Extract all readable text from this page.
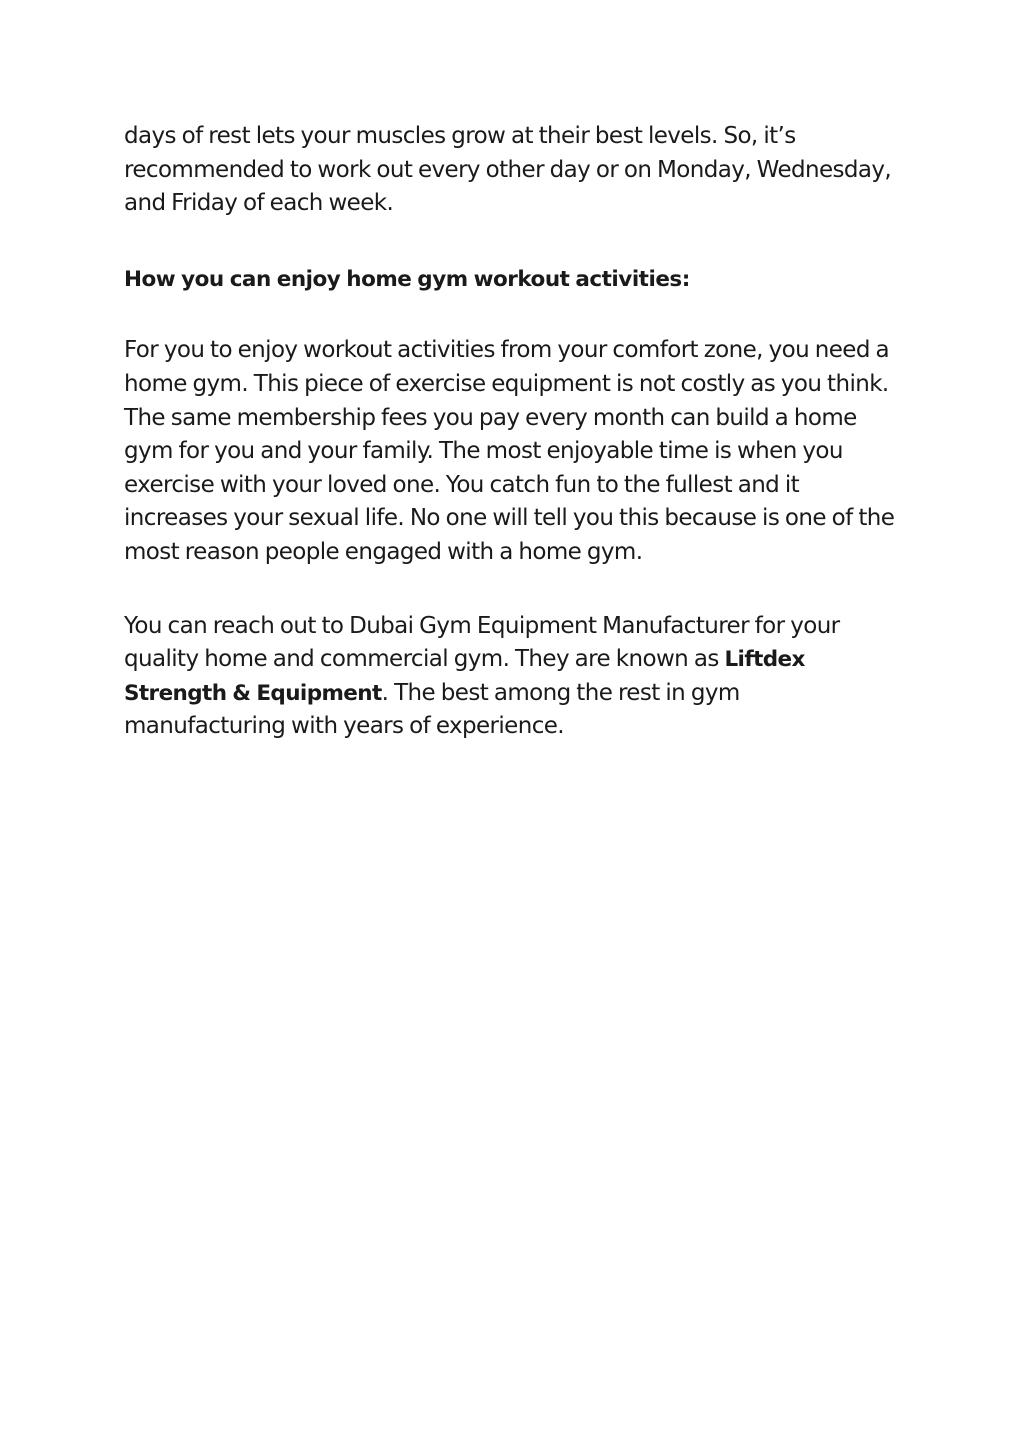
days of rest lets your muscles grow at their best levels. So, it’s recommended to work out every other day or on Monday, Wednesday, and Friday of each week.

How you can enjoy home gym workout activities:

For you to enjoy workout activities from your comfort zone, you need a home gym. This piece of exercise equipment is not costly as you think. The same membership fees you pay every month can build a home gym for you and your family. The most enjoyable time is when you exercise with your loved one. You catch fun to the fullest and it increases your sexual life. No one will tell you this because is one of the most reason people engaged with a home gym.

You can reach out to Dubai Gym Equipment Manufacturer for your quality home and commercial gym. They are known as Liftdex Strength & Equipment. The best among the rest in gym manufacturing with years of experience.
